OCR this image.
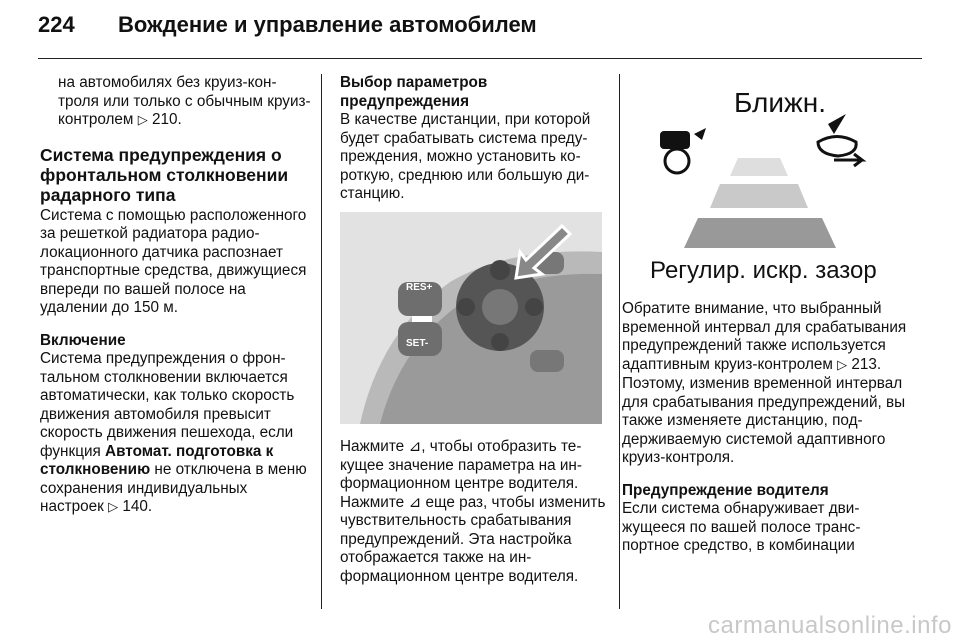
224 Вождение и управление автомобилем

на автомобилях без круиз-контроля или только с обычным круиз-контролем ▷ 210.

Система предупреждения о фронтальном столкновении радарного типа

Система с помощью расположенного за решеткой радиатора радиолокационного датчика распознает транспортные средства, движущиеся впереди по вашей полосе на удалении до 150 м.

Включение

Система предупреждения о фронтальном столкновении включается автоматически, как только скорость движения автомобиля превысит скорость движения пешехода, если функция Автомат. подготовка к столкновению не отключена в меню сохранения индивидуальных настроек ▷ 140.

Выбор параметров предупреждения

В качестве дистанции, при которой будет срабатывать система предупреждения, можно установить короткую, среднюю или большую дистанцию.

RES+
SET-

Нажмите ⊿, чтобы отобразить текущее значение параметра на информационном центре водителя. Нажмите ⊿ еще раз, чтобы изменить чувствительность срабатывания предупреждений. Эта настройка отображается также на информационном центре водителя.

Ближн.
Регулир. искр. зазор

Обратите внимание, что выбранный временной интервал для срабатывания предупреждений также используется адаптивным круиз-контролем ▷ 213. Поэтому, изменив временной интервал для срабатывания предупреждений, вы также изменяете дистанцию, поддерживаемую системой адаптивного круиз-контроля.

Предупреждение водителя

Если система обнаруживает движущееся по вашей полосе транспортное средство, в комбинации

carmanualsonline.info
